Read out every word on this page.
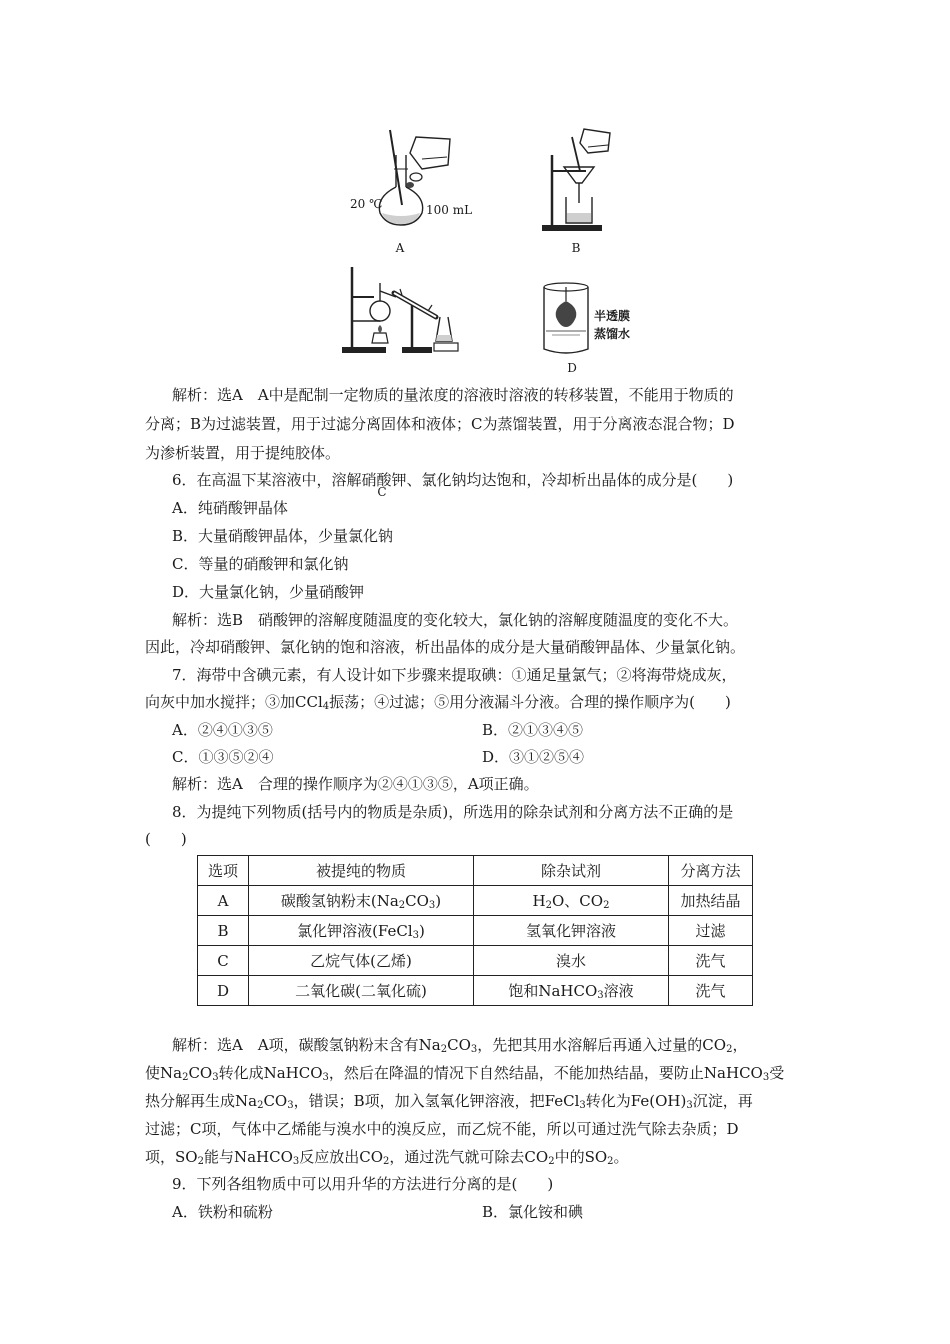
20 ℃	100 mL
A	B
C
半透膜
蒸馏水
D
解析：选A　A中是配制一定物质的量浓度的溶液时溶液的转移装置，不能用于物质的
分离；B为过滤装置，用于过滤分离固体和液体；C为蒸馏装置，用于分离液态混合物；D
为渗析装置，用于提纯胶体。
6．在高温下某溶液中，溶解硝酸钾、氯化钠均达饱和，冷却析出晶体的成分是(　　)
A．纯硝酸钾晶体
B．大量硝酸钾晶体，少量氯化钠
C．等量的硝酸钾和氯化钠
D．大量氯化钠，少量硝酸钾
解析：选B　硝酸钾的溶解度随温度的变化较大，氯化钠的溶解度随温度的变化不大。
因此，冷却硝酸钾、氯化钠的饱和溶液，析出晶体的成分是大量硝酸钾晶体、少量氯化钠。
7．海带中含碘元素，有人设计如下步骤来提取碘：①通足量氯气；②将海带烧成灰，
向灰中加水搅拌；③加CCl$_4$振荡；④过滤；⑤用分液漏斗分液。合理的操作顺序为(　　)
A．②④①③⑤	B．②①③④⑤
C．①③⑤②④	D．③①②⑤④
解析：选A　合理的操作顺序为②④①③⑤，A项正确。
8．为提纯下列物质(括号内的物质是杂质)，所选用的除杂试剂和分离方法不正确的是
(　　)
选项	被提纯的物质	除杂试剂	分离方法
A	碳酸氢钠粉末$(Na_2CO_3)$	$H_2O$、$CO_2$	加热结晶
B	氯化钾溶液(FeCl$_3$)	氢氧化钾溶液	过滤
C	乙烷气体(乙烯)	溴水	洗气
D	二氧化碳(二氧化硫)	饱和NaHCO$_3$溶液	洗气
解析：选A　A项，碳酸氢钠粉末含有$Na_2CO_3$，先把其用水溶解后再通入过量的$CO_2$，
使$Na_2CO_3$转化成NaHCO$_3$，然后在降温的情况下自然结晶，不能加热结晶，要防止NaHCO$_3$受
热分解再生成$Na_2CO_3$，错误；B项，加入氢氧化钾溶液，把FeCl$_3$转化为$Fe(OH)_3$沉淀，再
过滤；C项，气体中乙烯能与溴水中的溴反应，而乙烷不能，所以可通过洗气除去杂质；D
项，$SO_2$能与NaHCO$_3$反应放出$CO_2$，通过洗气就可除去$CO_2$中的$SO_2$。
9．下列各组物质中可以用升华的方法进行分离的是(　　)
A．铁粉和硫粉	B．氯化铵和碘
